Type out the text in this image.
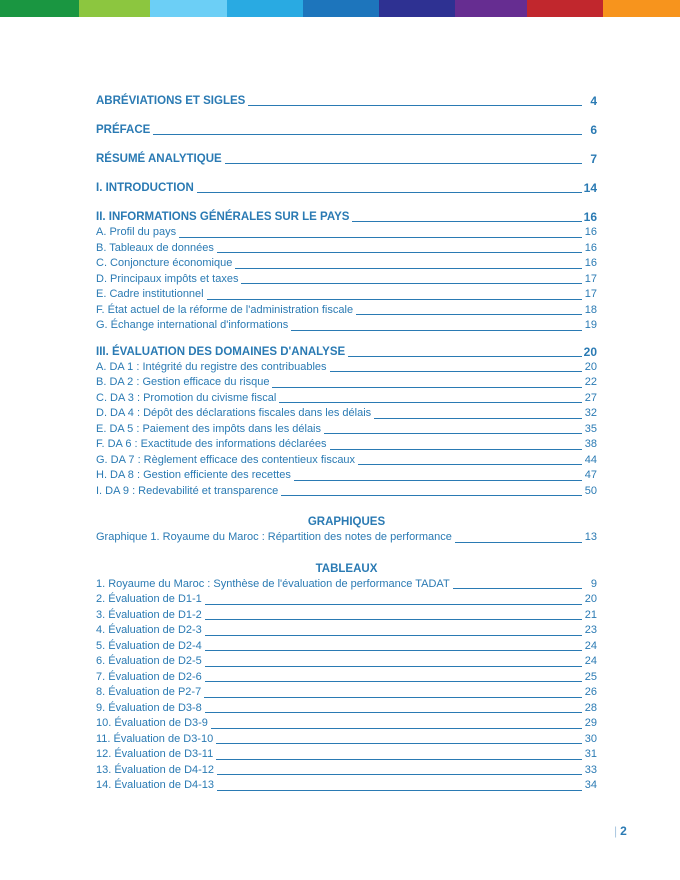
ABRÉVIATIONS ET SIGLES	4
PRÉFACE	6
RÉSUMÉ ANALYTIQUE	7
I. INTRODUCTION	14
II. INFORMATIONS GÉNÉRALES SUR LE PAYS	16
A. Profil du pays	16
B. Tableaux de données	16
C. Conjoncture économique	16
D. Principaux impôts et taxes	17
E. Cadre institutionnel	17
F. État actuel de la réforme de l'administration fiscale	18
G. Échange international d'informations	19
III. ÉVALUATION DES DOMAINES D'ANALYSE	20
A. DA 1 : Intégrité du registre des contribuables	20
B. DA 2 : Gestion efficace du risque	22
C. DA 3 : Promotion du civisme fiscal	27
D. DA 4 : Dépôt des déclarations fiscales dans les délais	32
E. DA 5 : Paiement des impôts dans les délais	35
F. DA 6 : Exactitude des informations déclarées	38
G. DA 7 : Règlement efficace des contentieux fiscaux	44
H. DA 8 : Gestion efficiente des recettes	47
I. DA 9 : Redevabilité et transparence	50
GRAPHIQUES
Graphique 1. Royaume du Maroc : Répartition des notes de performance	13
TABLEAUX
1. Royaume du Maroc : Synthèse de l'évaluation de performance TADAT	9
2. Évaluation de D1-1	20
3. Évaluation de D1-2	21
4. Évaluation de D2-3	23
5. Évaluation de D2-4	24
6. Évaluation de D2-5	24
7. Évaluation de D2-6	25
8. Évaluation de P2-7	26
9. Évaluation de D3-8	28
10. Évaluation de D3-9	29
11. Évaluation de D3-10	30
12. Évaluation de D3-11	31
13. Évaluation de D4-12	33
14. Évaluation de D4-13	34
| 2
